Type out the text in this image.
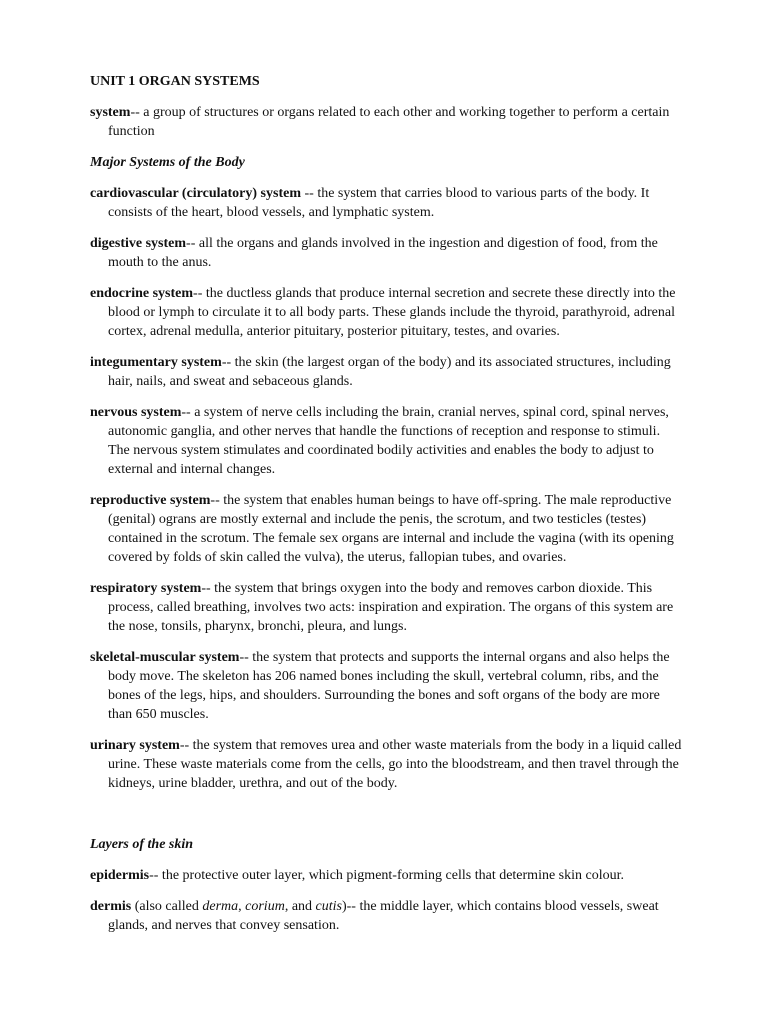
UNIT 1 ORGAN SYSTEMS

system-- a group of structures or organs related to each other and working together to perform a certain function

Major Systems of the Body

cardiovascular (circulatory) system -- the system that carries blood to various parts of the body. It consists of the heart, blood vessels, and lymphatic system.

digestive system-- all the organs and glands involved in the ingestion and digestion of food, from the mouth to the anus.

endocrine system-- the ductless glands that produce internal secretion and secrete these directly into the blood or lymph to circulate it to all body parts. These glands include the thyroid, parathyroid, adrenal cortex, adrenal medulla, anterior pituitary, posterior pituitary, testes, and ovaries.

integumentary system-- the skin (the largest organ of the body) and its associated structures, including hair, nails, and sweat and sebaceous glands.

nervous system-- a system of nerve cells including the brain, cranial nerves, spinal cord, spinal nerves, autonomic ganglia, and other nerves that handle the functions of reception and response to stimuli. The nervous system stimulates and coordinated bodily activities and enables the body to adjust to external and internal changes.

reproductive system-- the system that enables human beings to have off-spring. The male reproductive (genital) ograns are mostly external and include the penis, the scrotum, and two testicles (testes) contained in the scrotum. The female sex organs are internal and include the vagina (with its opening covered by folds of skin called the vulva), the uterus, fallopian tubes, and ovaries.

respiratory system-- the system that brings oxygen into the body and removes carbon dioxide. This process, called breathing, involves two acts: inspiration and expiration. The organs of this system are the nose, tonsils, pharynx, bronchi, pleura, and lungs.

skeletal-muscular system-- the system that protects and supports the internal organs and also helps the body move. The skeleton has 206 named bones including the skull, vertebral column, ribs, and the bones of the legs, hips, and shoulders. Surrounding the bones and soft organs of the body are more than 650 muscles.

urinary system-- the system that removes urea and other waste materials from the body in a liquid called urine. These waste materials come from the cells, go into the bloodstream, and then travel through the kidneys, urine bladder, urethra, and out of the body.

Layers of the skin

epidermis-- the protective outer layer, which pigment-forming cells that determine skin colour.

dermis (also called derma, corium, and cutis)-- the middle layer, which contains blood vessels, sweat glands, and nerves that convey sensation.
